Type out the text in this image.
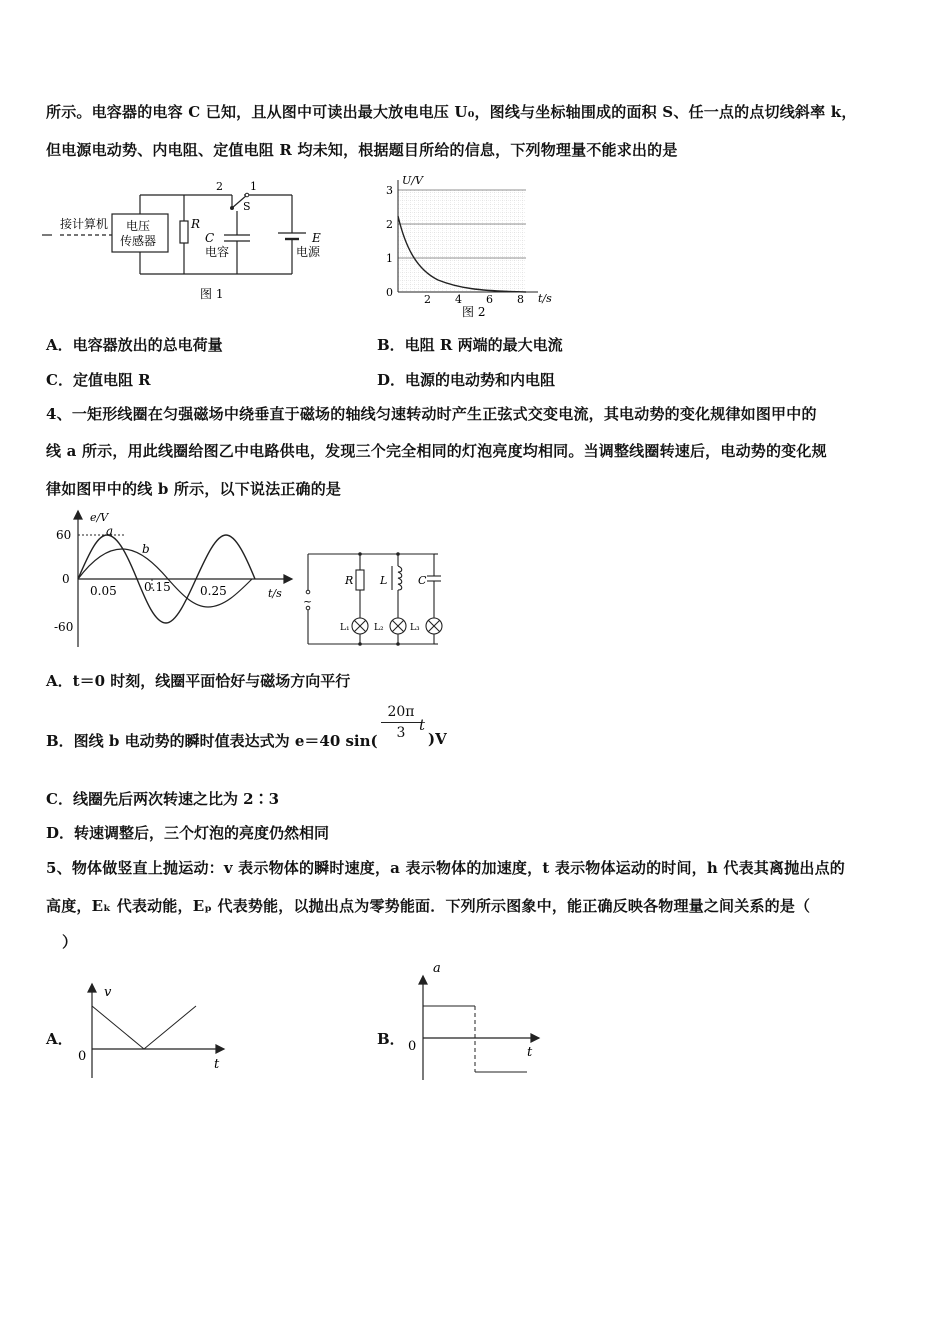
所示。电容器的电容 C 已知，且从图中可读出最大放电电压 U₀，图线与坐标轴围成的面积 S、任一点的点切线斜率 k，
但电源电动势、内电阻、定值电阻 R 均未知，根据题目所给的信息，下列物理量不能求出的是
接计算机 电压
传感器
R
C
电容
E
电源
S
1
2
图 1
U/V
t/s
0
1
2
3
2 4 6 8
图 2
A．电容器放出的总电荷量	B．电阻 R 两端的最大电流
C．定值电阻 R	D．电源的电动势和内电阻
4、一矩形线圈在匀强磁场中绕垂直于磁场的轴线匀速转动时产生正弦式交变电流，其电动势的变化规律如图甲中的
线 a 所示，用此线圈给图乙中电路供电，发现三个完全相同的灯泡亮度均相同。当调整线圈转速后，电动势的变化规
律如图甲中的线 b 所示，以下说法正确的是
e/V
60
0
-60
0.05 0.15 0.25	t/s
a
b
~
R L	C
L₁	L₂	L₃
A．t＝0 时刻，线圈平面恰好与磁场方向平行
B．图线 b 电动势的瞬时值表达式为 e＝40 $\sin( \frac{20\pi}{3}$
t
)V
C．线圈先后两次转速之比为 2∶3
D．转速调整后，三个灯泡的亮度仍然相同
5、物体做竖直上抛运动：v 表示物体的瞬时速度，a 表示物体的加速度，t 表示物体运动的时间，h 代表其离抛出点的
高度，Eₖ 代表动能，Eₚ 代表势能，以抛出点为零势能面．下列所示图象中，能正确反映各物理量之间关系的是（
）
A．
v
t
0
B．
a
t
0
